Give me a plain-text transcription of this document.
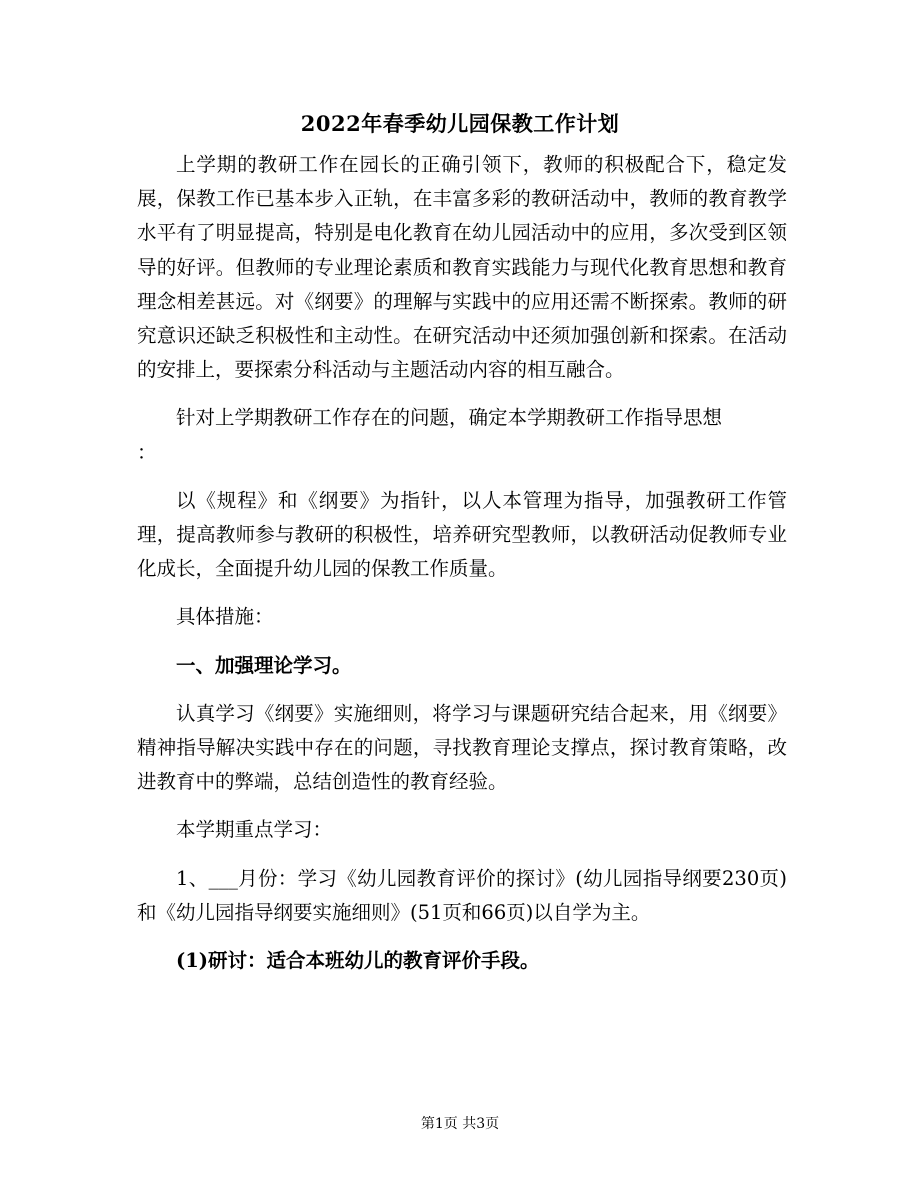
2022年春季幼儿园保教工作计划

上学期的教研工作在园长的正确引领下，教师的积极配合下，稳定发展，保教工作已基本步入正轨，在丰富多彩的教研活动中，教师的教育教学水平有了明显提高，特别是电化教育在幼儿园活动中的应用，多次受到区领导的好评。但教师的专业理论素质和教育实践能力与现代化教育思想和教育理念相差甚远。对《纲要》的理解与实践中的应用还需不断探索。教师的研究意识还缺乏积极性和主动性。在研究活动中还须加强创新和探索。在活动的安排上，要探索分科活动与主题活动内容的相互融合。

针对上学期教研工作存在的问题，确定本学期教研工作指导思想

：

以《规程》和《纲要》为指针，以人本管理为指导，加强教研工作管理，提高教师参与教研的积极性，培养研究型教师，以教研活动促教师专业化成长，全面提升幼儿园的保教工作质量。

具体措施：

一、加强理论学习。

认真学习《纲要》实施细则，将学习与课题研究结合起来，用《纲要》精神指导解决实践中存在的问题，寻找教育理论支撑点，探讨教育策略，改进教育中的弊端，总结创造性的教育经验。

本学期重点学习：

1、___月份：学习《幼儿园教育评价的探讨》(幼儿园指导纲要230页)和《幼儿园指导纲要实施细则》(51页和66页)以自学为主。

(1)研讨：适合本班幼儿的教育评价手段。

第1页 共3页
